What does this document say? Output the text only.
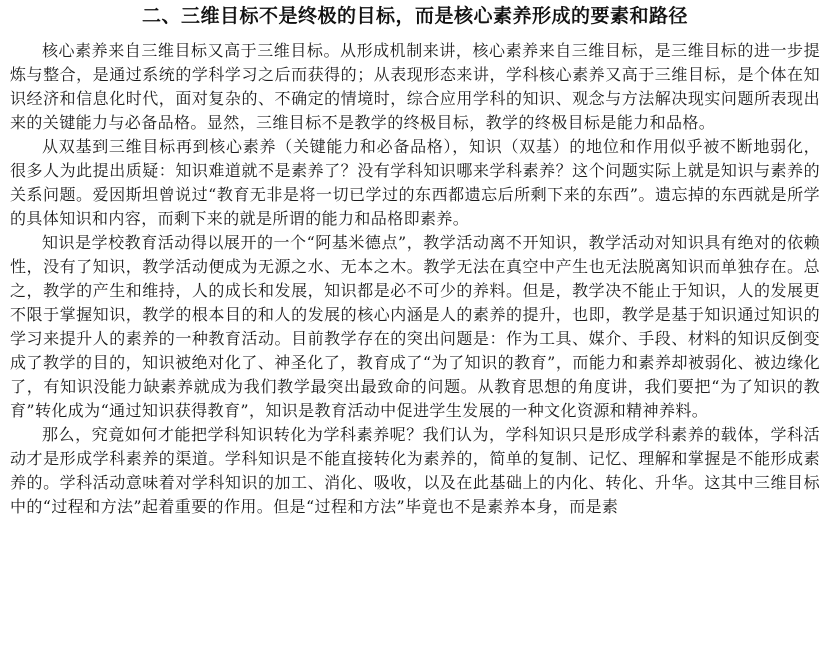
二、三维目标不是终极的目标，而是核心素养形成的要素和路径

核心素养来自三维目标又高于三维目标。从形成机制来讲，核心素养来自三维目标，是三维目标的进一步提炼与整合，是通过系统的学科学习之后而获得的；从表现形态来讲，学科核心素养又高于三维目标，是个体在知识经济和信息化时代，面对复杂的、不确定的情境时，综合应用学科的知识、观念与方法解决现实问题所表现出来的关键能力与必备品格。显然，三维目标不是教学的终极目标，教学的终极目标是能力和品格。

从双基到三维目标再到核心素养（关键能力和必备品格），知识（双基）的地位和作用似乎被不断地弱化，很多人为此提出质疑：知识难道就不是素养了？没有学科知识哪来学科素养？这个问题实际上就是知识与素养的关系问题。爱因斯坦曾说过“教育无非是将一切已学过的东西都遗忘后所剩下来的东西”。遗忘掉的东西就是所学的具体知识和内容，而剩下来的就是所谓的能力和品格即素养。

知识是学校教育活动得以展开的一个“阿基米德点”，教学活动离不开知识，教学活动对知识具有绝对的依赖性，没有了知识，教学活动便成为无源之水、无本之木。教学无法在真空中产生也无法脱离知识而单独存在。总之，教学的产生和维持，人的成长和发展，知识都是必不可少的养料。但是，教学决不能止于知识，人的发展更不限于掌握知识，教学的根本目的和人的发展的核心内涵是人的素养的提升，也即，教学是基于知识通过知识的学习来提升人的素养的一种教育活动。目前教学存在的突出问题是：作为工具、媒介、手段、材料的知识反倒变成了教学的目的，知识被绝对化了、神圣化了，教育成了“为了知识的教育”，而能力和素养却被弱化、被边缘化了，有知识没能力缺素养就成为我们教学最突出最致命的问题。从教育思想的角度讲，我们要把“为了知识的教育”转化成为“通过知识获得教育”，知识是教育活动中促进学生发展的一种文化资源和精神养料。

那么，究竟如何才能把学科知识转化为学科素养呢？我们认为，学科知识只是形成学科素养的载体，学科活动才是形成学科素养的渠道。学科知识是不能直接转化为素养的，简单的复制、记忆、理解和掌握是不能形成素养的。学科活动意味着对学科知识的加工、消化、吸收，以及在此基础上的内化、转化、升华。这其中三维目标中的“过程和方法”起着重要的作用。但是“过程和方法”毕竟也不是素养本身，而是素
